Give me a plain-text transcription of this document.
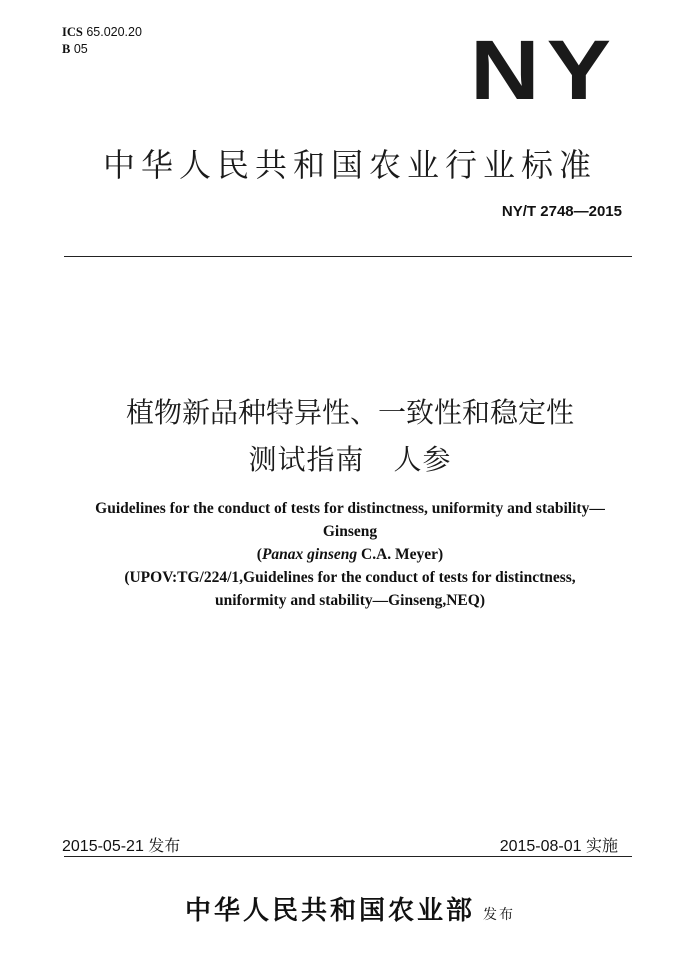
ICS 65.020.20
B 05	NY
中华人民共和国农业行业标准
NY/T 2748—2015
植物新品种特异性、一致性和稳定性
测试指南　人参
Guidelines for the conduct of tests for distinctness, uniformity and stability—
Ginseng
(Panax ginseng C.A. Meyer)
(UPOV:TG/224/1,Guidelines for the conduct of tests for distinctness,
uniformity and stability—Ginseng,NEQ)
2015-05-21 发布	2015-08-01 实施
中华人民共和国农业部 发布
